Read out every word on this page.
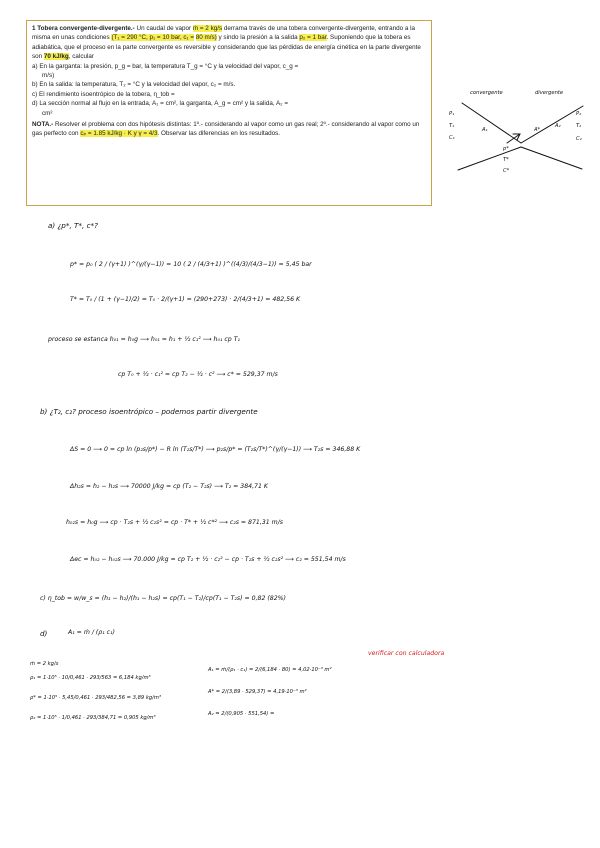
1 Tobera convergente-divergente.- Un caudal de vapor ṁ = 2 kg/s derrama través de una tobera convergente-divergente, entrando a la misma en unas condiciones (T₁ = 290 °C, p₁ = 10 bar, c₁ = 80 m/s) y sindo la presión a la salida p₂ = 1 bar. Suponiendo que la tobera es adiabática, que el proceso en la parte convergente es reversible y considerando que las pérdidas de energía cinética en la parte divergente son 70 kJ/kg, calcular

a) En la garganta: la presión, p_g = bar, la temperatura T_g = °C y la velocidad del vapor, c_g =
m/s)

b) En la salida: la temperatura, T₂ = °C y la velocidad del vapor, c₂ = m/s.

c) El rendimiento isoentrópico de la tobera, η_tob =

d) La sección normal al flujo en la entrada, A₁ = cm², la garganta, A_g = cm² y la salida, A₂ =
cm²

NOTA.- Resolver el problema con dos hipótesis distintas: 1º.- considerando al vapor como un gas real; 2º.- considerando al vapor como un gas perfecto con cₚ = 1.85 kJ/kg · K y γ = 4/3. Observar las diferencias en los resultados.

convergente	divergente
P₁
T₁
C₁
A₁	A*
p*
T*
C*
A₂
P₂
T₂
C₂
a) ¿p*, T*, c*?
p* = p₀ ( 2 / (γ+1) )^(γ/(γ−1)) = 10 ( 2 / (4/3+1) )^((4/3)/(4/3−1)) = 5,45 bar
T* = T₀ / (1 + (γ−1)/2) = T₀ · 2/(γ+1) = (290+273) · 2/(4/3+1) = 482,56 K
proceso se estanca h₀₁ = h₀g ⟶ h₀₁ = h₁ + ½ c₁² ⟶ h₀₁ cp T₁
cp T₀ + ½ · c₁² = cp T₂ − ½ · c² ⟶ c* = 529,37 m/s
b) ¿T₂, c₂? proceso isoentrópico – podemos partir divergente
ΔS = 0 ⟶ 0 = cp ln (p₂s/p*) − R ln (T₂s/T*) ⟶ p₂s/p* = (T₂s/T*)^(γ/(γ−1)) ⟶ T₂s = 346,88 K
Δh₂s = h₂ − h₂s ⟶ 70000 J/kg = cp (T₂ − T₂s) ⟶ T₂ = 384,71 K
h₀₂s = h₀g ⟶ cp · T₂s + ½ c₂s² = cp · T* + ½ c*² ⟶ c₂s = 871,31 m/s
Δec = h₀₂ − h₀₂s ⟶ 70.000 J/kg = cp T₂ + ½ · c₂² − cp · T₂s + ½ c₂s² ⟶ c₂ = 551,54 m/s
c) η_tob = w/w_s = (h₁ − h₂)/(h₁ − h₂s) = cp(T₁ − T₂)/cp(T₁ − T₂s) = 0,82 (82%)
d)	A₁ = ṁ / (ρ₁ c₁)
verificar con calculadora
ṁ = 2 kg/s
ρ₁ = 1·10⁵ · 10/0,461 · 293/563 = 6,184 kg/m³
ρ* = 1·10⁵ · 5,45/0,461 · 293/482,56 = 3,89 kg/m³
ρ₂ = 1·10⁵ · 1/0,461 · 293/384,71 = 0,905 kg/m³
A₁ = ṁ/(ρ₁ · c₁) = 2/(6,184 · 80) = 4,02·10⁻³ m²
A* = 2/(3,89 · 529,37) = 4,19·10⁻³ m²
A₂ = 2/(0,905 · 551,54) =
